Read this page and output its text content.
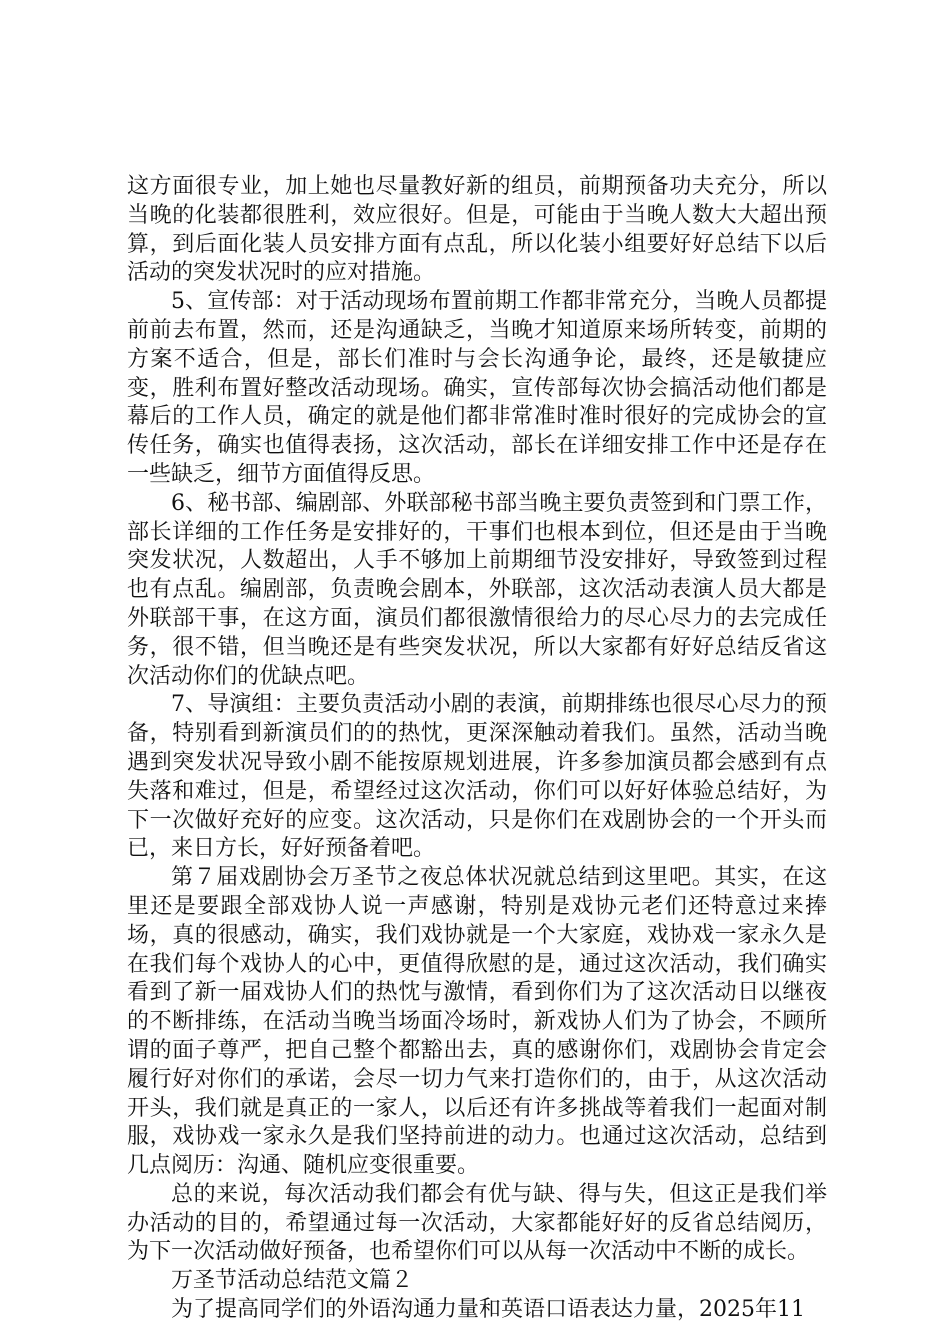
这方面很专业，加上她也尽量教好新的组员，前期预备功夫充分，所以当晚的化装都很胜利，效应很好。但是，可能由于当晚人数大大超出预算，到后面化装人员安排方面有点乱，所以化装小组要好好总结下以后活动的突发状况时的应对措施。

5、宣传部：对于活动现场布置前期工作都非常充分，当晚人员都提前前去布置，然而，还是沟通缺乏，当晚才知道原来场所转变，前期的方案不适合，但是，部长们准时与会长沟通争论，最终，还是敏捷应变，胜利布置好整改活动现场。确实，宣传部每次协会搞活动他们都是幕后的工作人员，确定的就是他们都非常准时准时很好的完成协会的宣传任务，确实也值得表扬，这次活动，部长在详细安排工作中还是存在一些缺乏，细节方面值得反思。

6、秘书部、编剧部、外联部秘书部当晚主要负责签到和门票工作，部长详细的工作任务是安排好的，干事们也根本到位，但还是由于当晚突发状况，人数超出，人手不够加上前期细节没安排好，导致签到过程也有点乱。编剧部，负责晚会剧本，外联部，这次活动表演人员大都是外联部干事，在这方面，演员们都很激情很给力的尽心尽力的去完成任务，很不错，但当晚还是有些突发状况，所以大家都有好好总结反省这次活动你们的优缺点吧。

7、导演组：主要负责活动小剧的表演，前期排练也很尽心尽力的预备，特别看到新演员们的的热忱，更深深触动着我们。虽然，活动当晚遇到突发状况导致小剧不能按原规划进展，许多参加演员都会感到有点失落和难过，但是，希望经过这次活动，你们可以好好体验总结好，为下一次做好充好的应变。这次活动，只是你们在戏剧协会的一个开头而已，来日方长，好好预备着吧。

第７届戏剧协会万圣节之夜总体状况就总结到这里吧。其实，在这里还是要跟全部戏协人说一声感谢，特别是戏协元老们还特意过来捧场，真的很感动，确实，我们戏协就是一个大家庭，戏协戏一家永久是在我们每个戏协人的心中，更值得欣慰的是，通过这次活动，我们确实看到了新一届戏协人们的热忱与激情，看到你们为了这次活动日以继夜的不断排练，在活动当晚当场面冷场时，新戏协人们为了协会，不顾所谓的面子尊严，把自己整个都豁出去，真的感谢你们，戏剧协会肯定会履行好对你们的承诺，会尽一切力气来打造你们的，由于，从这次活动开头，我们就是真正的一家人，以后还有许多挑战等着我们一起面对制服，戏协戏一家永久是我们坚持前进的动力。也通过这次活动，总结到几点阅历：沟通、随机应变很重要。

总的来说，每次活动我们都会有优与缺、得与失，但这正是我们举办活动的目的，希望通过每一次活动，大家都能好好的反省总结阅历，为下一次活动做好预备，也希望你们可以从每一次活动中不断的成长。

万圣节活动总结范文篇２

为了提高同学们的外语沟通力量和英语口语表达力量，2025年11
